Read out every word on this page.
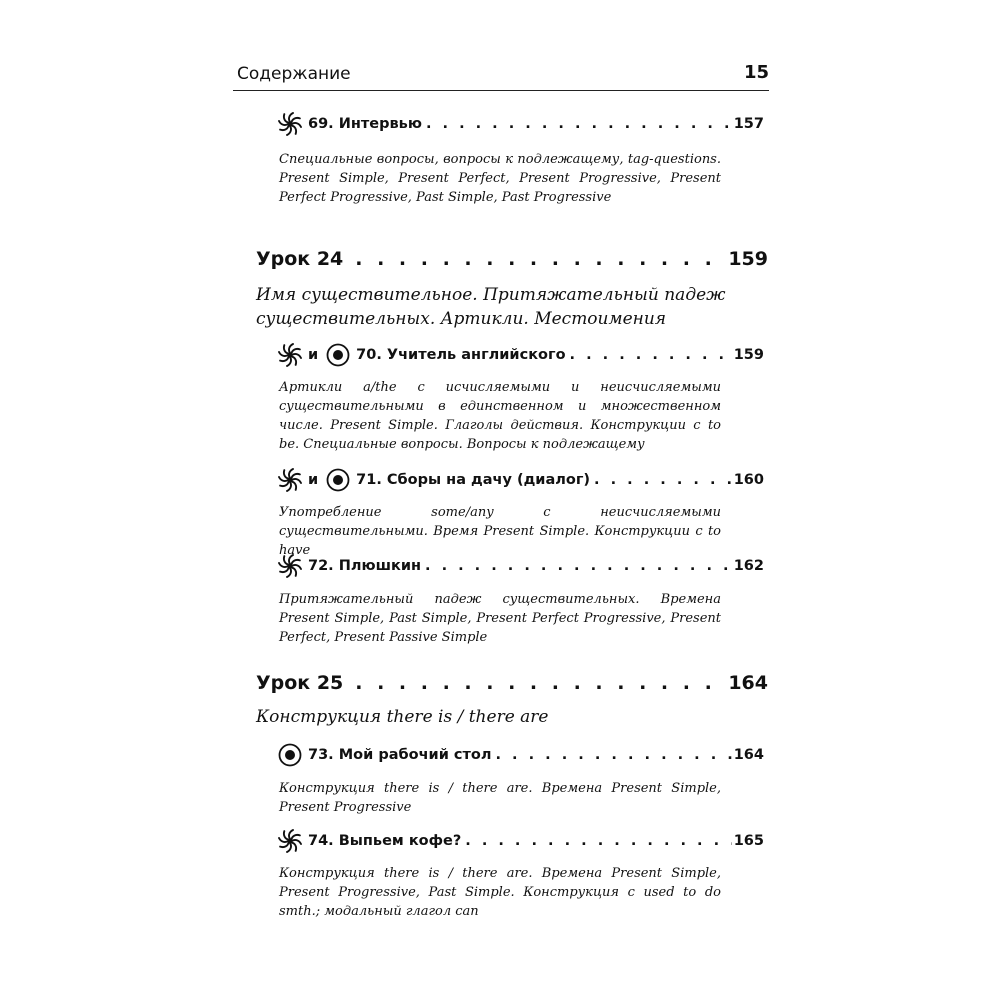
Содержание	15
69. Интервью . . .	157
Специальные вопросы, вопросы к подлежащему, tag-questions. Present Simple, Present Perfect, Present Progressive, Present Perfect Progressive, Past Simple, Past Progressive
Урок 24 . . .	159
Имя существительное. Притяжательный падеж существительных. Артикли. Местоимения
и	70. Учитель английского . . .	159
Артикли a/the с исчисляемыми и неисчисляемыми существительными в единственном и множественном числе. Present Simple. Глаголы действия. Конструкции с to be. Специальные вопросы. Вопросы к подлежащему
и	71. Сборы на дачу (диалог) . . .	160
Употребление some/any с неисчисляемыми существительными. Время Present Simple. Конструкции с to have
72. Плюшкин . . .	162
Притяжательный падеж существительных. Времена Present Simple, Past Simple, Present Perfect Progressive, Present Perfect, Present Passive Simple
Урок 25 . . .	164
Конструкция there is / there are
73. Мой рабочий стол . . .	164
Конструкция there is / there are. Времена Present Simple, Present Progressive
74. Выпьем кофе? . . .	165
Конструкция there is / there are. Времена Present Simple, Present Progressive, Past Simple. Конструкция с used to do smth.; модальный глагол can
